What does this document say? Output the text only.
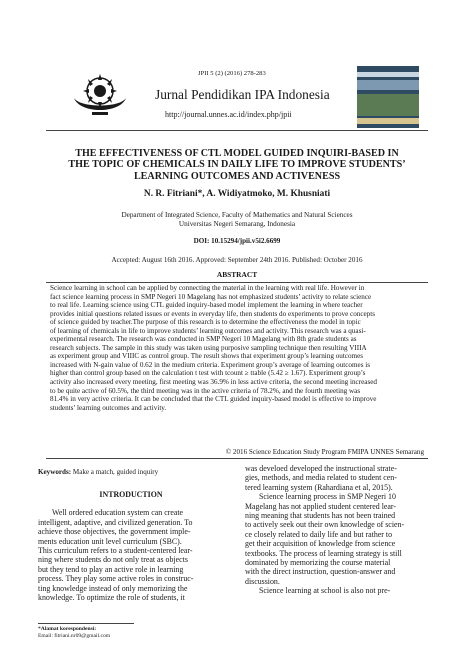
JPII 5 (2) (2016) 278-283
Jurnal Pendidikan IPA Indonesia
http://journal.unnes.ac.id/index.php/jpii
THE EFFECTIVENESS OF CTL MODEL GUIDED INQUIRI-BASED IN
THE TOPIC OF CHEMICALS IN DAILY LIFE TO IMPROVE STUDENTS’
LEARNING OUTCOMES AND ACTIVENESS
N. R. Fitriani*, A. Widiyatmoko, M. Khusniati
Department of Integrated Science, Faculty of Mathematics and Natural Sciences
Universitas Negeri Semarang, Indonesia
DOI: 10.15294/jpii.v5i2.6699
Accepted: August 16th 2016. Approved: September 24th 2016. Published: October 2016
ABSTRACT
Science learning in school can be applied by connecting the material in the learning with real life. However in
fact science learning process in SMP Negeri 10 Magelang has not emphasized students’ activity to relate science
to real life. Learning science using CTL guided inquiry-based model implement the learning in where teacher
provides initial questions related issues or events in everyday life, then students do experiments to prove concepts
of science guided by teacher.The purpose of this research is to determine the effectiveness the model in topic
of learning of chemicals in life to improve students’ learning outcomes and activity. This research was a quasi-
experimental research. The research was conducted in SMP Negeri 10 Magelang with 8th grade students as
research subjects. The sample in this study was taken using purposive sampling technique then resulting VIIIA
as experiment group and VIIIC as control group. The result shows that experiment group’s learning outcomes
increased with N-gain value of 0.62 in the medium criteria. Experiment group’s average of learning outcomes is
higher than control group based on the calculation t test with tcount ≥ ttable (5.42 ≥ 1.67). Experiment group’s
activity also increased every meeting, first meeting was 36.9% in less active criteria, the second meeting increased
to be quite active of 60.5%, the third meeting was in the active criteria of 78.2%, and the fourth meeting was
81.4% in very active criteria. It can be concluded that the CTL guided inquiry-based model is effective to improve
students’ learning outcomes and activity.
© 2016 Science Education Study Program FMIPA UNNES Semarang
Keywords: Make a match, guided inquiry

INTRODUCTION

Well ordered education system can create
intelligent, adaptive, and civilized generation. To
achieve those objectives, the government imple-
ments education unit level curriculum (SBC).
This curriculum refers to a student-centered lear-
ning where students do not only treat as objects
but they tend to play an active role in learning
process. They play some active roles in construc-
ting knowledge instead of only memorizing the
knowledge. To optimize the role of students, it
was develoed developed the instructional strate-
gies, methods, and media related to student cen-
tered learning system (Rahardiana et al, 2015).
Science learning process in SMP Negeri 10
Magelang has not applied student centered lear-
ning meaning that students has not been trained
to actively seek out their own knowledge of scien-
ce closely related to daily life and but rather to
get their acquisition of knowledge from science
textbooks. The process of learning strategy is still
dominated by memorizing the course material
with the direct instruction, question-answer and
discussion.
Science learning at school is also not pre-
*Alamat korespondensi:
Email: fitriani.nr09@gmail.com
